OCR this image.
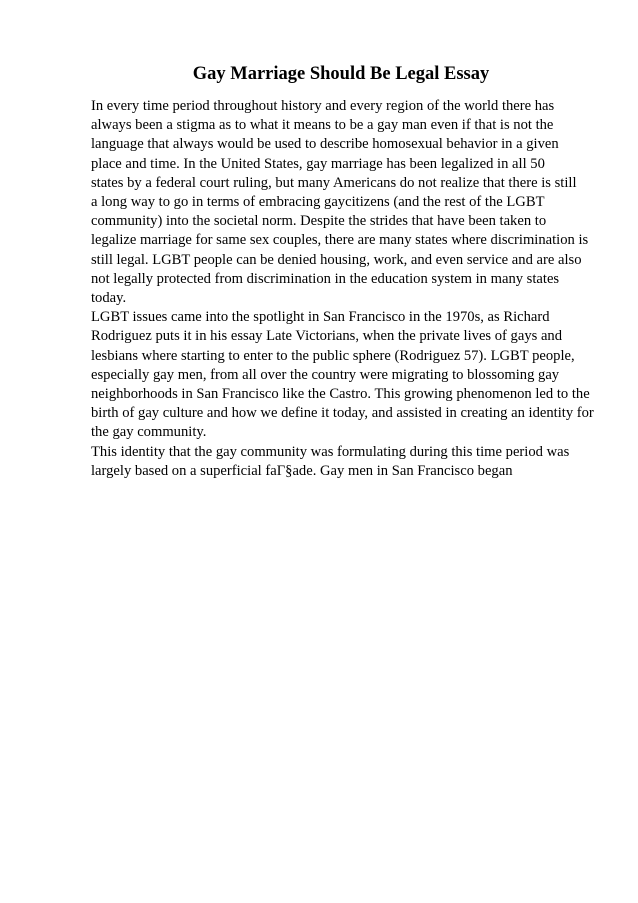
Gay Marriage Should Be Legal Essay

In every time period throughout history and every region of the world there has
always been a stigma as to what it means to be a gay man even if that is not the
language that always would be used to describe homosexual behavior in a given
place and time. In the United States, gay marriage has been legalized in all 50
states by a federal court ruling, but many Americans do not realize that there is still
a long way to go in terms of embracing gaycitizens (and the rest of the LGBT
community) into the societal norm. Despite the strides that have been taken to
legalize marriage for same sex couples, there are many states where discrimination is
still legal. LGBT people can be denied housing, work, and even service and are also
not legally protected from discrimination in the education system in many states
today.

LGBT issues came into the spotlight in San Francisco in the 1970s, as Richard
Rodriguez puts it in his essay Late Victorians, when the private lives of gays and
lesbians where starting to enter to the public sphere (Rodriguez 57). LGBT people,
especially gay men, from all over the country were migrating to blossoming gay
neighborhoods in San Francisco like the Castro. This growing phenomenon led to the
birth of gay culture and how we define it today, and assisted in creating an identity for
the gay community.

This identity that the gay community was formulating during this time period was
largely based on a superficial faГ§ade. Gay men in San Francisco began
